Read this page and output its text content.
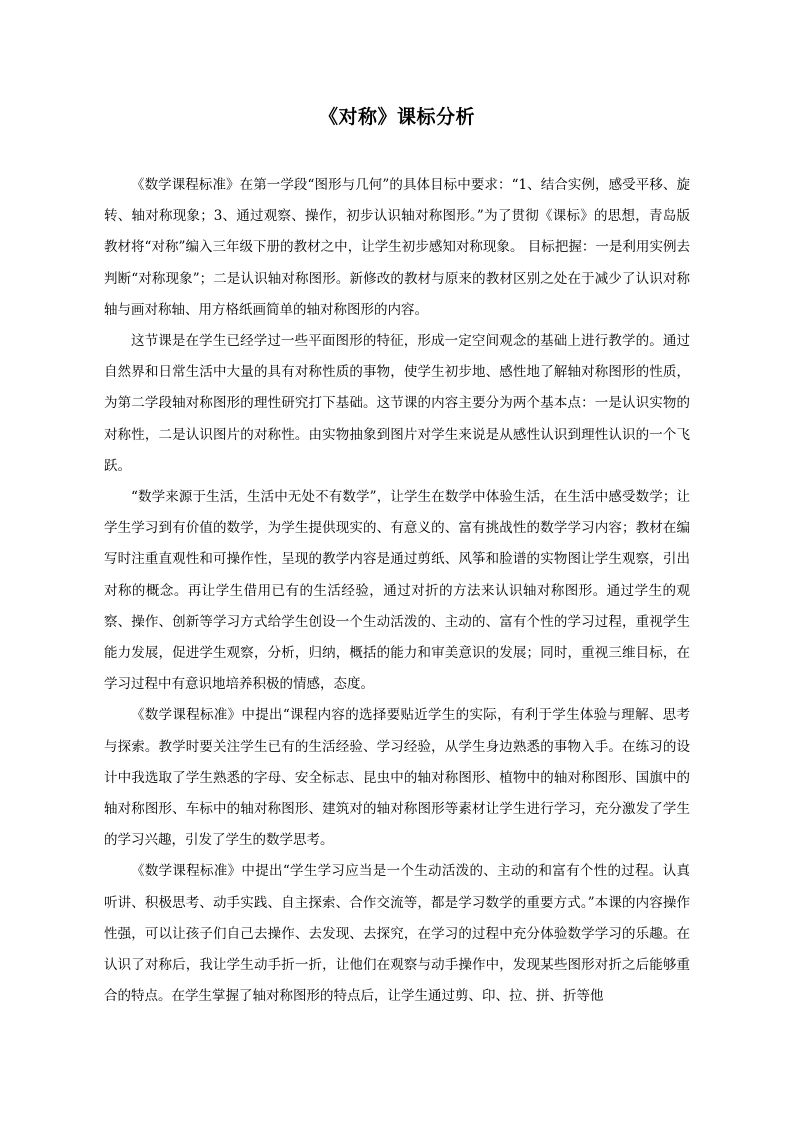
《对称》课标分析

《数学课程标准》在第一学段“图形与几何”的具体目标中要求：“1、结合实例，感受平移、旋转、轴对称现象；3、通过观察、操作，初步认识轴对称图形。”为了贯彻《课标》的思想，青岛版教材将“对称”编入三年级下册的教材之中，让学生初步感知对称现象。 目标把握：一是利用实例去判断“对称现象”；二是认识轴对称图形。新修改的教材与原来的教材区别之处在于减少了认识对称轴与画对称轴、用方格纸画简单的轴对称图形的内容。

这节课是在学生已经学过一些平面图形的特征，形成一定空间观念的基础上进行教学的。通过自然界和日常生活中大量的具有对称性质的事物，使学生初步地、感性地了解轴对称图形的性质，为第二学段轴对称图形的理性研究打下基础。这节课的内容主要分为两个基本点：一是认识实物的对称性，二是认识图片的对称性。由实物抽象到图片对学生来说是从感性认识到理性认识的一个飞跃。

“数学来源于生活，生活中无处不有数学”，让学生在数学中体验生活，在生活中感受数学；让学生学习到有价值的数学，为学生提供现实的、有意义的、富有挑战性的数学学习内容；教材在编写时注重直观性和可操作性，呈现的教学内容是通过剪纸、风筝和脸谱的实物图让学生观察，引出对称的概念。再让学生借用已有的生活经验，通过对折的方法来认识轴对称图形。通过学生的观察、操作、创新等学习方式给学生创设一个生动活泼的、主动的、富有个性的学习过程，重视学生能力发展，促进学生观察，分析，归纳，概括的能力和审美意识的发展；同时，重视三维目标，在学习过程中有意识地培养积极的情感，态度。

《数学课程标准》中提出“课程内容的选择要贴近学生的实际，有利于学生体验与理解、思考与探索。教学时要关注学生已有的生活经验、学习经验，从学生身边熟悉的事物入手。在练习的设计中我选取了学生熟悉的字母、安全标志、昆虫中的轴对称图形、植物中的轴对称图形、国旗中的轴对称图形、车标中的轴对称图形、建筑对的轴对称图形等素材让学生进行学习，充分激发了学生的学习兴趣，引发了学生的数学思考。

《数学课程标准》中提出“学生学习应当是一个生动活泼的、主动的和富有个性的过程。认真听讲、积极思考、动手实践、自主探索、合作交流等，都是学习数学的重要方式。”本课的内容操作性强，可以让孩子们自己去操作、去发现、去探究，在学习的过程中充分体验数学学习的乐趣。在认识了对称后，我让学生动手折一折，让他们在观察与动手操作中，发现某些图形对折之后能够重合的特点。在学生掌握了轴对称图形的特点后，让学生通过剪、印、拉、拼、折等他
